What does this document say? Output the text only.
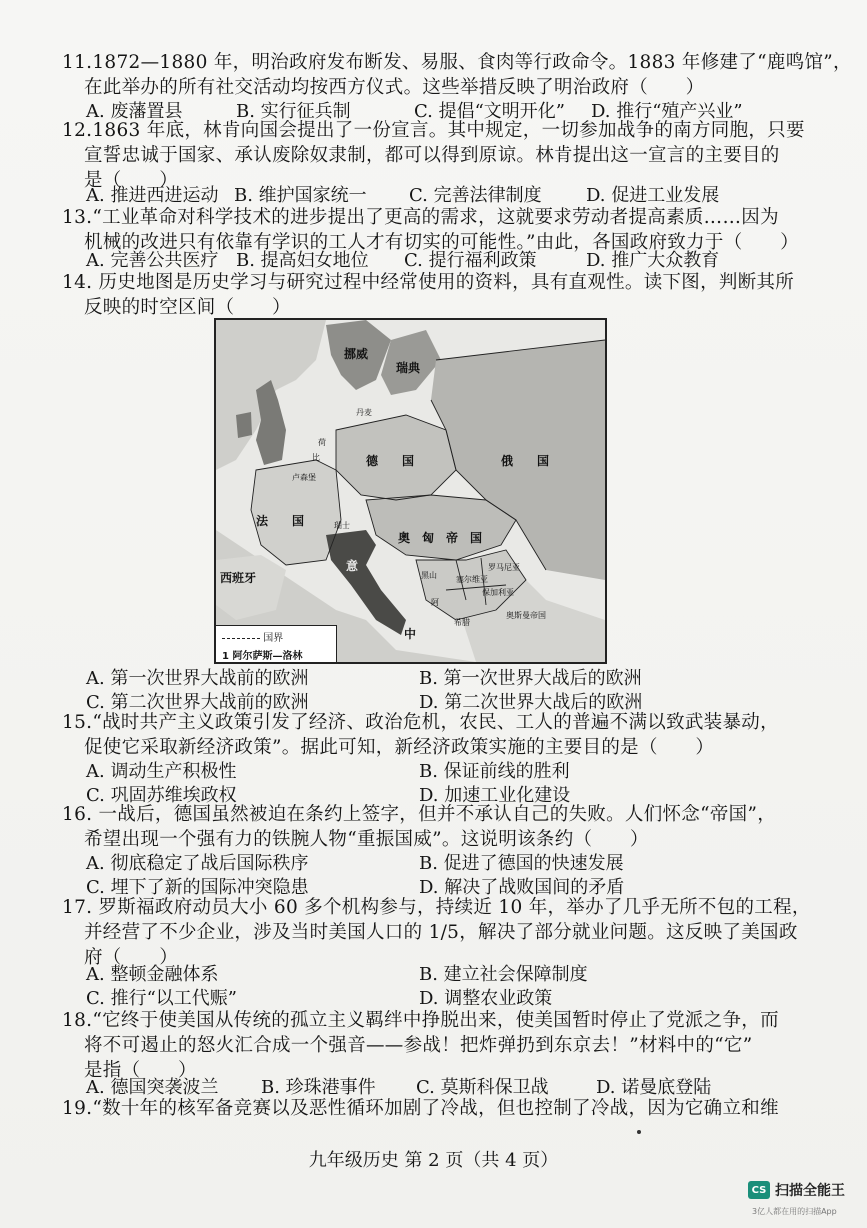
11.1872—1880 年，明治政府发布断发、易服、食肉等行政命令。1883 年修建了“鹿鸣馆”，
在此举办的所有社交活动均按西方仪式。这些举措反映了明治政府（　　）
A. 废藩置县	B. 实行征兵制	C. 提倡“文明开化” D. 推行“殖产兴业”
12.1863 年底，林肯向国会提出了一份宣言。其中规定，一切参加战争的南方同胞，只要
宣誓忠诚于国家、承认废除奴隶制，都可以得到原谅。林肯提出这一宣言的主要目的
是（　　）
A. 推进西进运动 B. 维护国家统一 C. 完善法律制度 D. 促进工业发展
13.“工业革命对科学技术的进步提出了更高的需求，这就要求劳动者提高素质……因为
机械的改进只有依靠有学识的工人才有切实的可能性。”由此，各国政府致力于（　　）
A. 完善公共医疗 B. 提高妇女地位 C. 提行福利政策	D. 推广大众教育
14. 历史地图是历史学习与研究过程中经常使用的资料，具有直观性。读下图，判断其所
反映的时空区间（　　）
挪威
瑞典
丹麦
荷
比
卢森堡
德　　国	俄　　国
法　　国	瑞士
奥　匈　帝　国
意
西班牙
罗马尼亚
塞尔维亚
保加利亚
黑山
阿
希腊
奥斯曼帝国
中
国界
1 阿尔萨斯—洛林
A. 第一次世界大战前的欧洲	B. 第一次世界大战后的欧洲
C. 第二次世界大战前的欧洲	D. 第二次世界大战后的欧洲
15.“战时共产主义政策引发了经济、政治危机，农民、工人的普遍不满以致武装暴动，
促使它采取新经济政策”。据此可知，新经济政策实施的主要目的是（　　）
A. 调动生产积极性	B. 保证前线的胜利
C. 巩固苏维埃政权	D. 加速工业化建设
16. 一战后，德国虽然被迫在条约上签字，但并不承认自己的失败。人们怀念“帝国”，
希望出现一个强有力的铁腕人物“重振国威”。这说明该条约（　　）
A. 彻底稳定了战后国际秩序	B. 促进了德国的快速发展
C. 埋下了新的国际冲突隐患	D. 解决了战败国间的矛盾
17. 罗斯福政府动员大小 60 多个机构参与，持续近 10 年，举办了几乎无所不包的工程，
并经营了不少企业，涉及当时美国人口的 1/5，解决了部分就业问题。这反映了美国政
府（　　）
A. 整顿金融体系	B. 建立社会保障制度
C. 推行“以工代赈”	D. 调整农业政策
18.“它终于使美国从传统的孤立主义羁绊中挣脱出来，使美国暂时停止了党派之争，而
将不可遏止的怒火汇合成一个强音——参战！把炸弹扔到东京去！”材料中的“它”
是指（　　）
A. 德国突袭波兰 B. 珍珠港事件 C. 莫斯科保卫战	D. 诺曼底登陆
19.“数十年的核军备竞赛以及恶性循环加剧了冷战，但也控制了冷战，因为它确立和维
九年级历史 第 2 页（共 4 页）
CS 扫描全能王
3亿人都在用的扫描App
